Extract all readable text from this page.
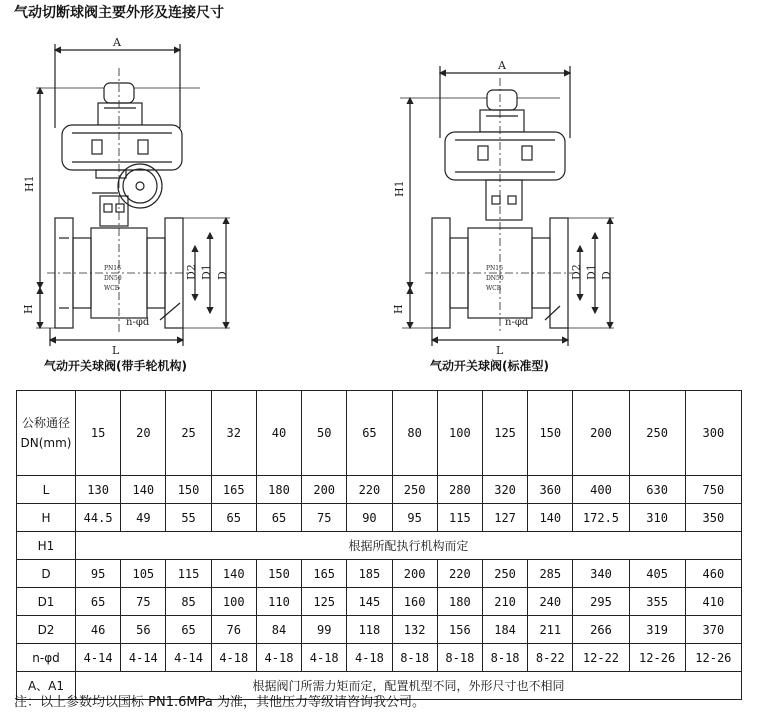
气动切断球阀主要外形及连接尺寸
A
L
H1
H
D2 D1 D
n-φd
PN16
DN50
WCB
A
L
H1
H
D2 D1 D
n-φd
PN16
DN50
WCB
气动开关球阀(带手轮机构)	气动开关球阀(标准型)
公称通径
DN(mm)	15	20	25	32	40	50	65	80	100	125	150	200	250	300
L	130	140	150	165	180	200	220	250	280	320	360	400	630	750
H	44.5	49	55	65	65	75	90	95	115	127	140	172.5	310	350
H1	根据所配执行机构而定													
D	95	105	115	140	150	165	185	200	220	250	285	340	405	460
D1	65	75	85	100	110	125	145	160	180	210	240	295	355	410
D2	46	56	65	76	84	99	118	132	156	184	211	266	319	370
n-φd	4-14	4-14	4-14	4-18	4-18	4-18	4-18	8-18	8-18	8-18	8-22	12-22	12-26	12-26
A、A1	根据阀门所需力矩而定，配置机型不同，外形尺寸也不相同													
注：以上参数均以国标 PN1.6MPa 为准，其他压力等级请咨询我公司。
